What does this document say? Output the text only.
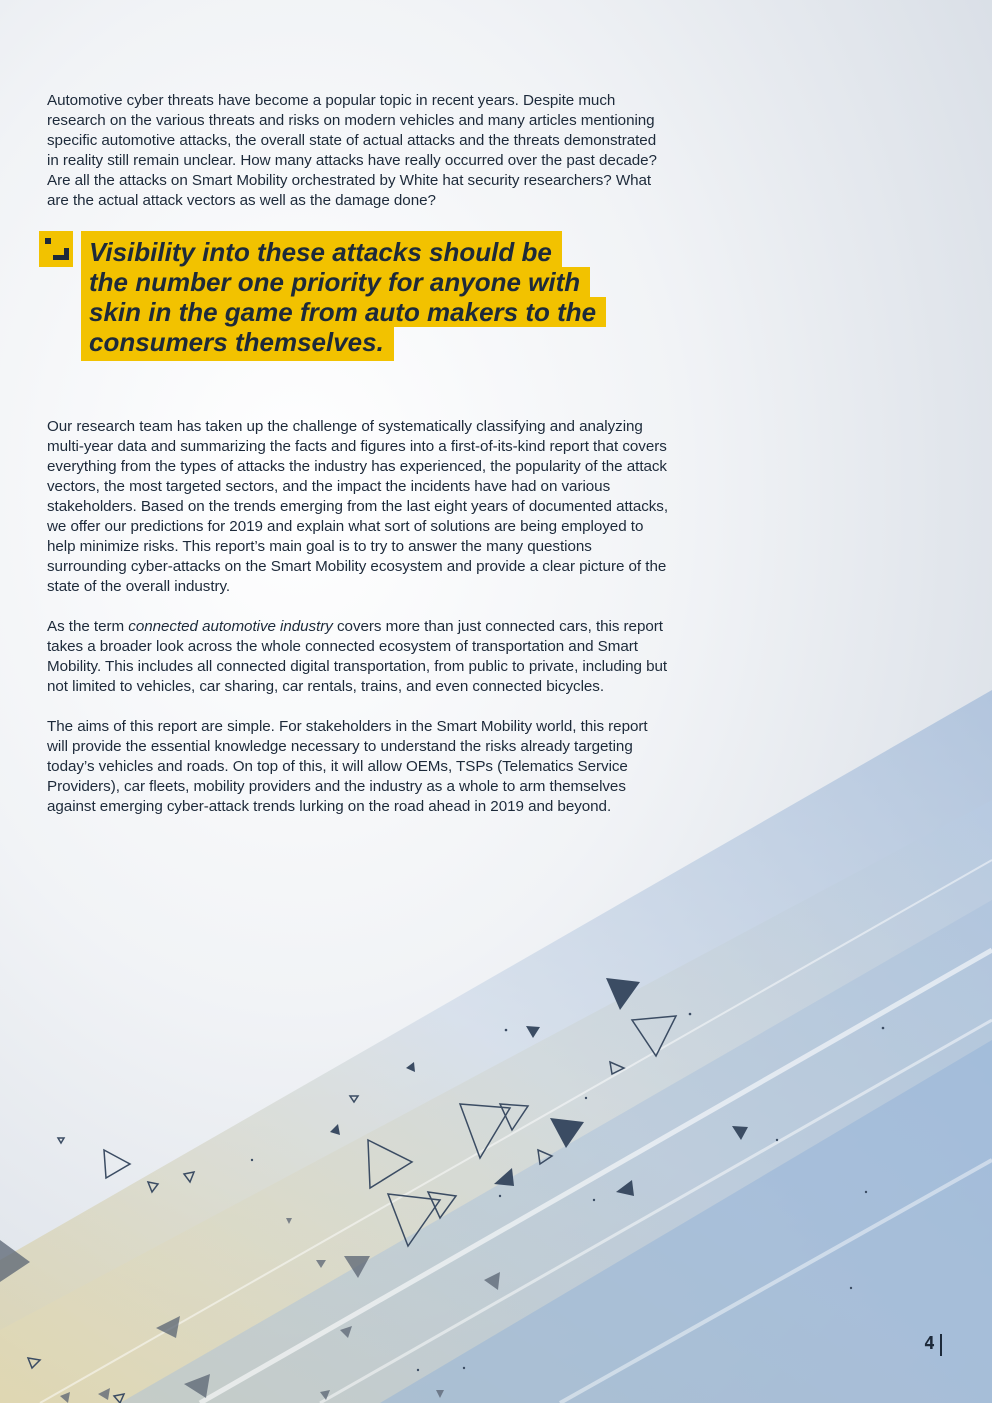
Automotive cyber threats have become a popular topic in recent years. Despite much research on the various threats and risks on modern vehicles and many articles mentioning specific automotive attacks, the overall state of actual attacks and the threats demonstrated in reality still remain unclear. How many attacks have really occurred over the past decade? Are all the attacks on Smart Mobility orchestrated by White hat security researchers? What are the actual attack vectors as well as the damage done?

Visibility into these attacks should be
the number one priority for anyone with
skin in the game from auto makers to the
consumers themselves.

Our research team has taken up the challenge of systematically classifying and analyzing multi-year data and summarizing the facts and figures into a first-of-its-kind report that covers everything from the types of attacks the industry has experienced, the popularity of the attack vectors, the most targeted sectors, and the impact the incidents have had on various stakeholders. Based on the trends emerging from the last eight years of documented attacks, we offer our predictions for 2019 and explain what sort of solutions are being employed to help minimize risks. This report’s main goal is to try to answer the many questions surrounding cyber-attacks on the Smart Mobility ecosystem and provide a clear picture of the state of the overall industry.

As the term connected automotive industry covers more than just connected cars, this report takes a broader look across the whole connected ecosystem of transportation and Smart Mobility. This includes all connected digital transportation, from public to private, including but not limited to vehicles, car sharing, car rentals, trains, and even connected bicycles.

The aims of this report are simple. For stakeholders in the Smart Mobility world, this report will provide the essential knowledge necessary to understand the risks already targeting today’s vehicles and roads. On top of this, it will allow OEMs, TSPs (Telematics Service Providers), car fleets, mobility providers and the industry as a whole to arm themselves against emerging cyber-attack trends lurking on the road ahead in 2019 and beyond.

4
